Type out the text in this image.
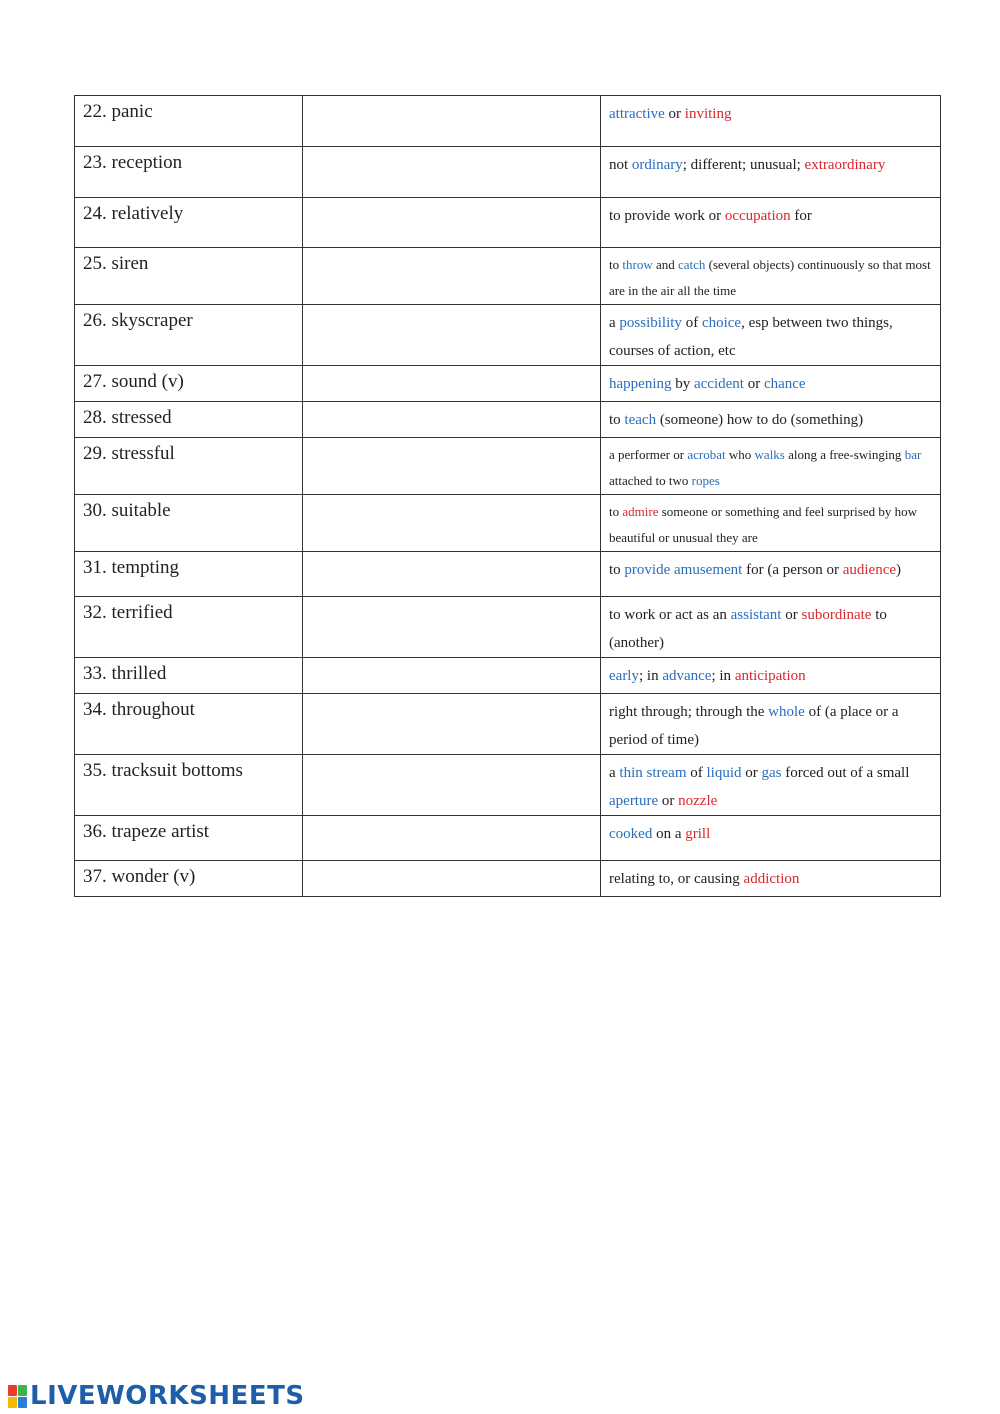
22. panic		attractive or inviting
23. reception		not ordinary; different; unusual; extraordinary
24. relatively		to provide work or occupation for
25. siren		to throw and catch (several objects) continuously so that most are in the air all the time
26. skyscraper		a possibility of choice, esp between two things, courses of action, etc
27. sound (v)		happening by accident or chance
28. stressed		to teach (someone) how to do (something)
29. stressful		a performer or acrobat who walks along a free-swinging bar attached to two ropes
30. suitable		to admire someone or something and feel surprised by how beautiful or unusual they are
31. tempting		to provide amusement for (a person or audience)
32. terrified		to work or act as an assistant or subordinate to (another)
33. thrilled		early; in advance; in anticipation
34. throughout		right through; through the whole of (a place or a period of time)
35. tracksuit bottoms		a thin stream of liquid or gas forced out of a small aperture or nozzle
36. trapeze artist		cooked on a grill
37. wonder (v)		relating to, or causing addiction
LIVEWORKSHEETS
